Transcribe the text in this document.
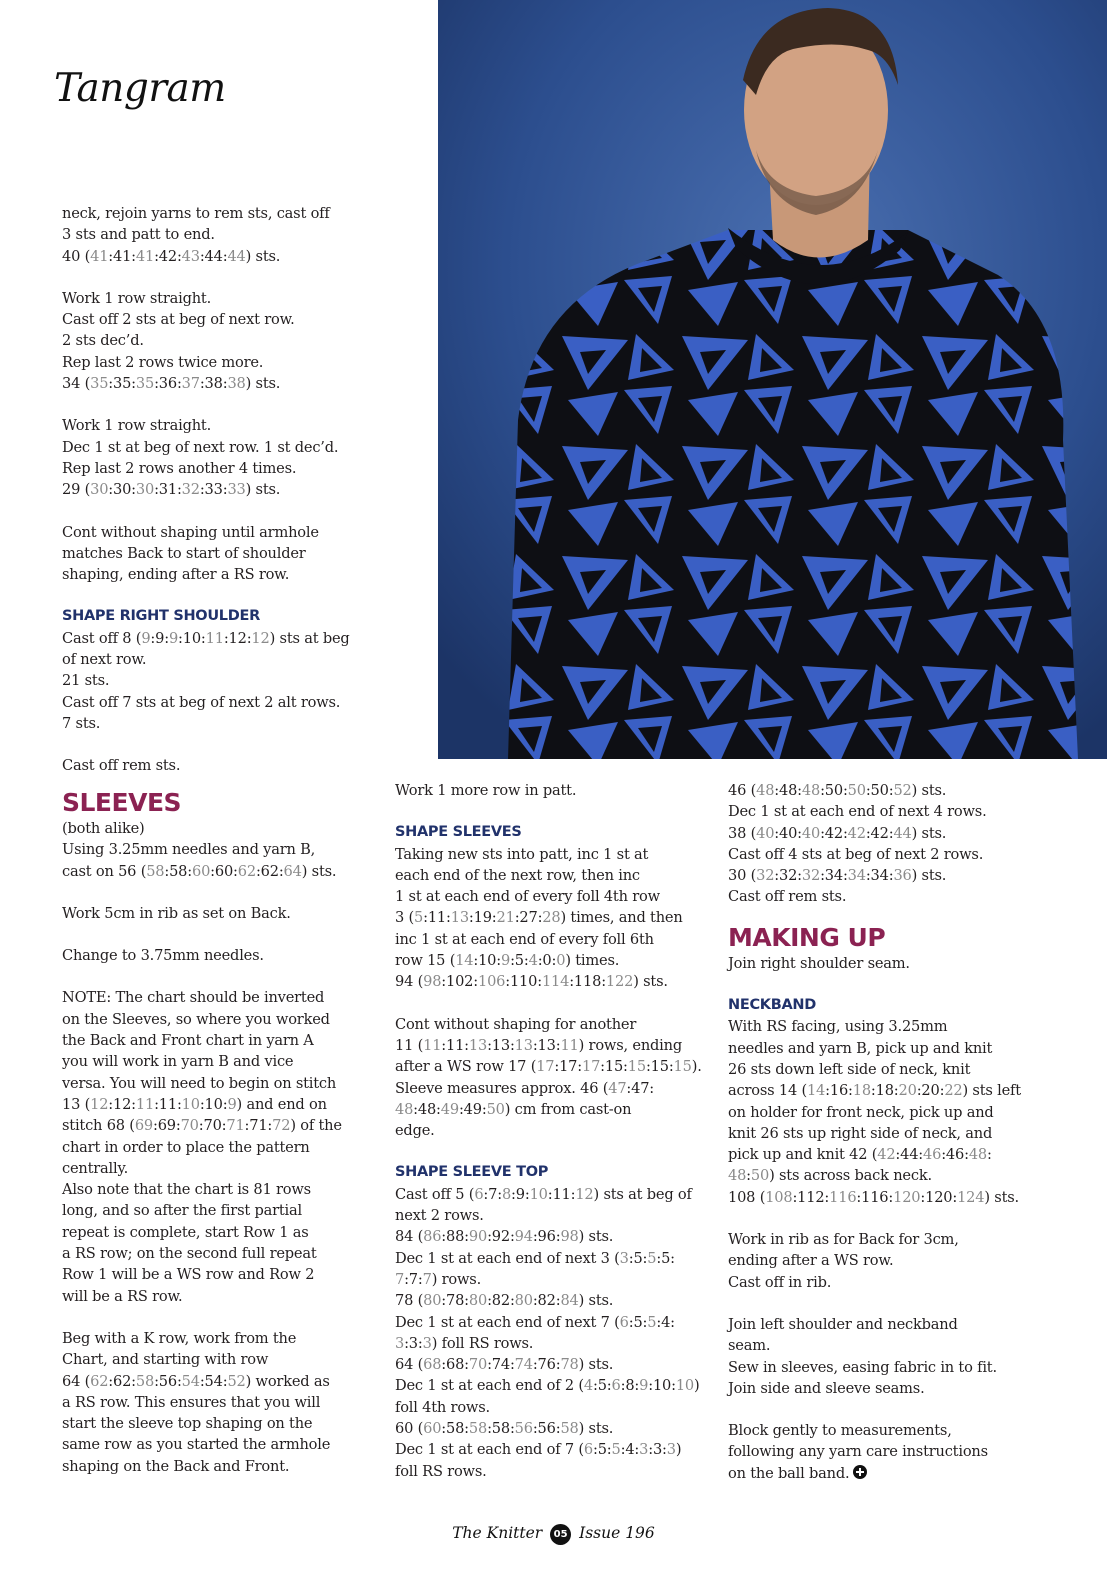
Tangram

neck, rejoin yarns to rem sts, cast off
3 sts and patt to end.
40 (41:41:41:42:43:44:44) sts.

Work 1 row straight.
Cast off 2 sts at beg of next row.
2 sts dec’d.
Rep last 2 rows twice more.
34 (35:35:35:36:37:38:38) sts.

Work 1 row straight.
Dec 1 st at beg of next row. 1 st dec’d.
Rep last 2 rows another 4 times.
29 (30:30:30:31:32:33:33) sts.

Cont without shaping until armhole
matches Back to start of shoulder
shaping, ending after a RS row.

SHAPE RIGHT SHOULDER

Cast off 8 (9:9:9:10:11:12:12) sts at beg
of next row.
21 sts.
Cast off 7 sts at beg of next 2 alt rows.
7 sts.

Cast off rem sts.

SLEEVES

(both alike)
Using 3.25mm needles and yarn B,
cast on 56 (58:58:60:60:62:62:64) sts.

Work 5cm in rib as set on Back.

Change to 3.75mm needles.

NOTE: The chart should be inverted
on the Sleeves, so where you worked
the Back and Front chart in yarn A
you will work in yarn B and vice
versa. You will need to begin on stitch
13 (12:12:11:11:10:10:9) and end on
stitch 68 (69:69:70:70:71:71:72) of the
chart in order to place the pattern
centrally.
Also note that the chart is 81 rows
long, and so after the first partial
repeat is complete, start Row 1 as
a RS row; on the second full repeat
Row 1 will be a WS row and Row 2
will be a RS row.

Beg with a K row, work from the
Chart, and starting with row
64 (62:62:58:56:54:54:52) worked as
a RS row. This ensures that you will
start the sleeve top shaping on the
same row as you started the armhole
shaping on the Back and Front.

Work 1 more row in patt.

SHAPE SLEEVES

Taking new sts into patt, inc 1 st at
each end of the next row, then inc
1 st at each end of every foll 4th row
3 (5:11:13:19:21:27:28) times, and then
inc 1 st at each end of every foll 6th
row 15 (14:10:9:5:4:0:0) times.
94 (98:102:106:110:114:118:122) sts.

Cont without shaping for another
11 (11:11:13:13:13:13:11) rows, ending
after a WS row 17 (17:17:17:15:15:15:15).
Sleeve measures approx. 46 (47:47:
48:48:49:49:50) cm from cast-on
edge.

SHAPE SLEEVE TOP

Cast off 5 (6:7:8:9:10:11:12) sts at beg of
next 2 rows.
84 (86:88:90:92:94:96:98) sts.
Dec 1 st at each end of next 3 (3:5:5:5:
7:7:7) rows.
78 (80:78:80:82:80:82:84) sts.
Dec 1 st at each end of next 7 (6:5:5:4:
3:3:3) foll RS rows.
64 (68:68:70:74:74:76:78) sts.
Dec 1 st at each end of 2 (4:5:6:8:9:10:10)
foll 4th rows.
60 (60:58:58:58:56:56:58) sts.
Dec 1 st at each end of 7 (6:5:5:4:3:3:3)
foll RS rows.

46 (48:48:48:50:50:50:52) sts.
Dec 1 st at each end of next 4 rows.
38 (40:40:40:42:42:42:44) sts.
Cast off 4 sts at beg of next 2 rows.
30 (32:32:32:34:34:34:36) sts.
Cast off rem sts.

MAKING UP

Join right shoulder seam.

NECKBAND

With RS facing, using 3.25mm
needles and yarn B, pick up and knit
26 sts down left side of neck, knit
across 14 (14:16:18:18:20:20:22) sts left
on holder for front neck, pick up and
knit 26 sts up right side of neck, and
pick up and knit 42 (42:44:46:46:48:
48:50) sts across back neck.
108 (108:112:116:116:120:120:124) sts.

Work in rib as for Back for 3cm,
ending after a WS row.
Cast off in rib.

Join left shoulder and neckband
seam.
Sew in sleeves, easing fabric in to fit.
Join side and sleeve seams.

Block gently to measurements,
following any yarn care instructions
on the ball band.

The Knitter 05 Issue 196
